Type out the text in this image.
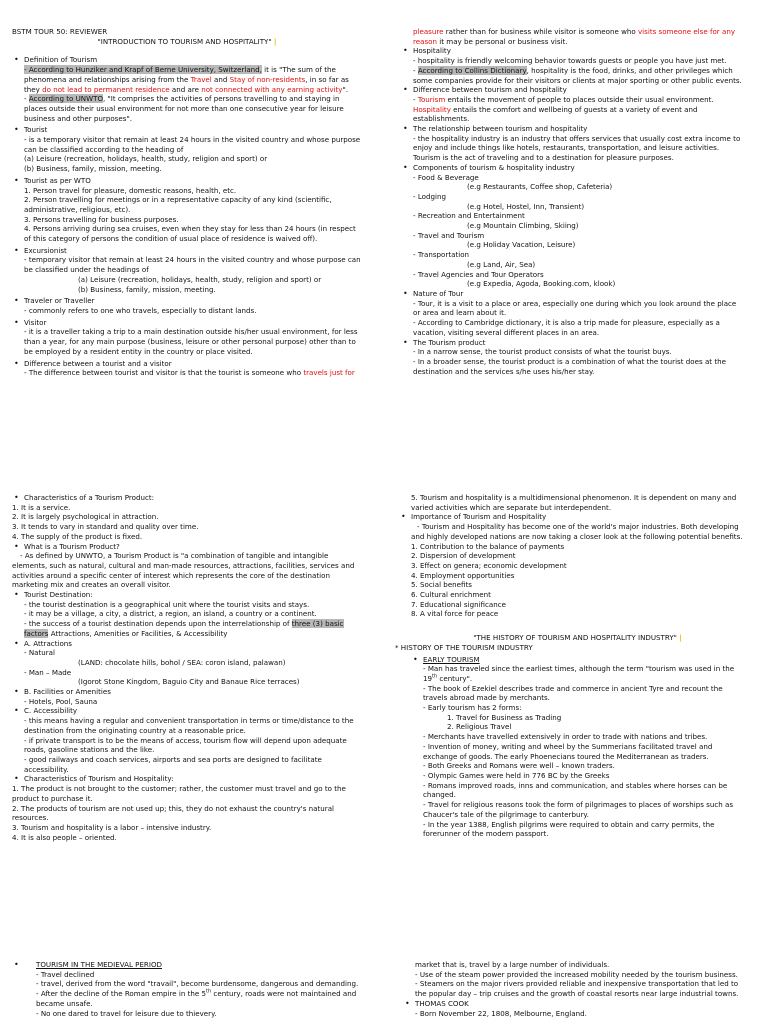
BSTM TOUR 50: REVIEWER

"INTRODUCTION TO TOURISM AND HOSPITALITY" |

• Definition of Tourism

- According to Hunziker and Krapf of Berne University, Switzerland, it is "The sum of the phenomena and relationships arising from the Travel and Stay of non-residents, in so far as they do not lead to permanent residence and are not connected with any earning activity".

- According to UNWTO, "It comprises the activities of persons travelling to and staying in places outside their usual environment for not more than one consecutive year for leisure business and other purposes".

• Tourist

- is a temporary visitor that remain at least 24 hours in the visited country and whose purpose can be classified according to the heading of

(a) Leisure (recreation, holidays, health, study, religion and sport) or

(b) Business, family, mission, meeting.

• Tourist as per WTO

1. Person travel for pleasure, domestic reasons, health, etc.

2. Person travelling for meetings or in a representative capacity of any kind (scientific, administrative, religious, etc).

3. Persons travelling for business purposes.

4. Persons arriving during sea cruises, even when they stay for less than 24 hours (in respect of this category of persons the condition of usual place of residence is waived off).

• Excursionist

- temporary visitor that remain at least 24 hours in the visited country and whose purpose can be classified under the headings of

(a) Leisure (recreation, holidays, health, study, religion and sport) or

(b) Business, family, mission, meeting.

• Traveler or Traveller

- commonly refers to one who travels, especially to distant lands.

• Visitor

- it is a traveller taking a trip to a main destination outside his/her usual environment, for less than a year, for any main purpose (business, leisure or other personal purpose) other than to be employed by a resident entity in the country or place visited.

• Difference between a tourist and a visitor

- The difference between tourist and visitor is that the tourist is someone who travels just for

pleasure rather than for business while visitor is someone who visits someone else for any reason it may be personal or business visit.

• Hospitality

- hospitality is friendly welcoming behavior towards guests or people you have just met.

- According to Collins Dictionary, hospitality is the food, drinks, and other privileges which some companies provide for their visitors or clients at major sporting or other public events.

• Difference between tourism and hospitality

- Tourism entails the movement of people to places outside their usual environment.

Hospitality entails the comfort and wellbeing of guests at a variety of event and establishments.

• The relationship between tourism and hospitality

- the hospitality industry is an industry that offers services that usually cost extra income to enjoy and include things like hotels, restaurants, transportation, and leisure activities. Tourism is the act of traveling and to a destination for pleasure purposes.

• Components of tourism & hospitality industry

- Food & Beverage

(e.g Restaurants, Coffee shop, Cafeteria)

- Lodging

(e.g Hotel, Hostel, Inn, Transient)

- Recreation and Entertainment

(e.g Mountain Climbing, Skiing)

- Travel and Tourism

(e.g Holiday Vacation, Leisure)

- Transportation

(e.g Land, Air, Sea)

- Travel Agencies and Tour Operators

(e.g Expedia, Agoda, Booking.com, klook)

• Nature of Tour

- Tour, it is a visit to a place or area, especially one during which you look around the place or area and learn about it.

- According to Cambridge dictionary, it is also a trip made for pleasure, especially as a vacation, visiting several different places in an area.

• The Tourism product

- In a narrow sense, the tourist product consists of what the tourist buys.

- In a broader sense, the tourist product is a combination of what the tourist does at the destination and the services s/he uses his/her stay.

• Characteristics of a Tourism Product:

1. It is a service.

2. It is largely psychological in attraction.

3. It tends to vary in standard and quality over time.

4. The supply of the product is fixed.

• What is a Tourism Product?

- As defined by UNWTO, a Tourism Product is "a combination of tangible and intangible elements, such as natural, cultural and man-made resources, attractions, facilities, services and activities around a specific center of interest which represents the core of the destination marketing mix and creates an overall visitor.

• Tourist Destination:

- the tourist destination is a geographical unit where the tourist visits and stays.

- it may be a village, a city, a district, a region, an island, a country or a continent.

- the success of a tourist destination depends upon the interrelationship of three (3) basic factors Attractions, Amenities or Facilities, & Accessibility

• A. Attractions

- Natural

(LAND: chocolate hills, bohol / SEA: coron island, palawan)

- Man – Made

(Igorot Stone Kingdom, Baguio City and Banaue Rice terraces)

• B. Facilities or Amenities

- Hotels, Pool, Sauna

• C. Accessibility

- this means having a regular and convenient transportation in terms or time/distance to the destination from the originating country at a reasonable price.

- if private transport is to be the means of access, tourism flow will depend upon adequate roads, gasoline stations and the like.

- good railways and coach services, airports and sea ports are designed to facilitate accessibility.

• Characteristics of Tourism and Hospitality:

1. The product is not brought to the customer; rather, the customer must travel and go to the product to purchase it.

2. The products of tourism are not used up; this, they do not exhaust the country's natural resources.

3. Tourism and hospitality is a labor – intensive industry.

4. It is also people – oriented.

5. Tourism and hospitality is a multidimensional phenomenon. It is dependent on many and varied activities which are separate but interdependent.

• Importance of Tourism and Hospitality

- Tourism and Hospitality has become one of the world's major industries. Both developing and highly developed nations are now taking a closer look at the following potential benefits.

1. Contribution to the balance of payments

2. Dispersion of development

3. Effect on genera; economic development

4. Employment opportunities

5. Social benefits

6. Cultural enrichment

7. Educational significance

8. A vital force for peace

"THE HISTORY OF TOURISM AND HOSPITALITY INDUSTRY" |

* HISTORY OF THE TOURISM INDUSTRY

• EARLY TOURISM

- Man has traveled since the earliest times, although the term "tourism was used in the 19th century".

- The book of Ezekiel describes trade and commerce in ancient Tyre and recount the travels abroad made by merchants.

- Early tourism has 2 forms:

1. Travel for Business as Trading

2. Religious Travel

- Merchants have travelled extensively in order to trade with nations and tribes.

- Invention of money, writing and wheel by the Summerians facilitated travel and exchange of goods. The early Phoenecians toured the Mediterranean as traders.

- Both Greeks and Romans were well – known traders.

- Olympic Games were held in 776 BC by the Greeks

- Romans improved roads, inns and communication, and stables where horses can be changed.

- Travel for religious reasons took the form of pilgrimages to places of worships such as Chaucer's tale of the pilgrimage to canterbury.

- In the year 1388, English pilgrims were required to obtain and carry permits, the forerunner of the modern passport.

• TOURISM IN THE MEDIEVAL PERIOD

- Travel declined

- travel, derived from the word "travail", become burdensome, dangerous and demanding.

- After the decline of the Roman empire in the 5th century, roads were not maintained and became unsafe.

- No one dared to travel for leisure due to thievery.

market that is, travel by a large number of individuals.

- Use of the steam power provided the increased mobility needed by the tourism business.

- Steamers on the major rivers provided reliable and inexpensive transportation that led to the popular day – trip cruises and the growth of coastal resorts near large industrial towns.

• THOMAS COOK

- Born November 22, 1808, Melbourne, England.
